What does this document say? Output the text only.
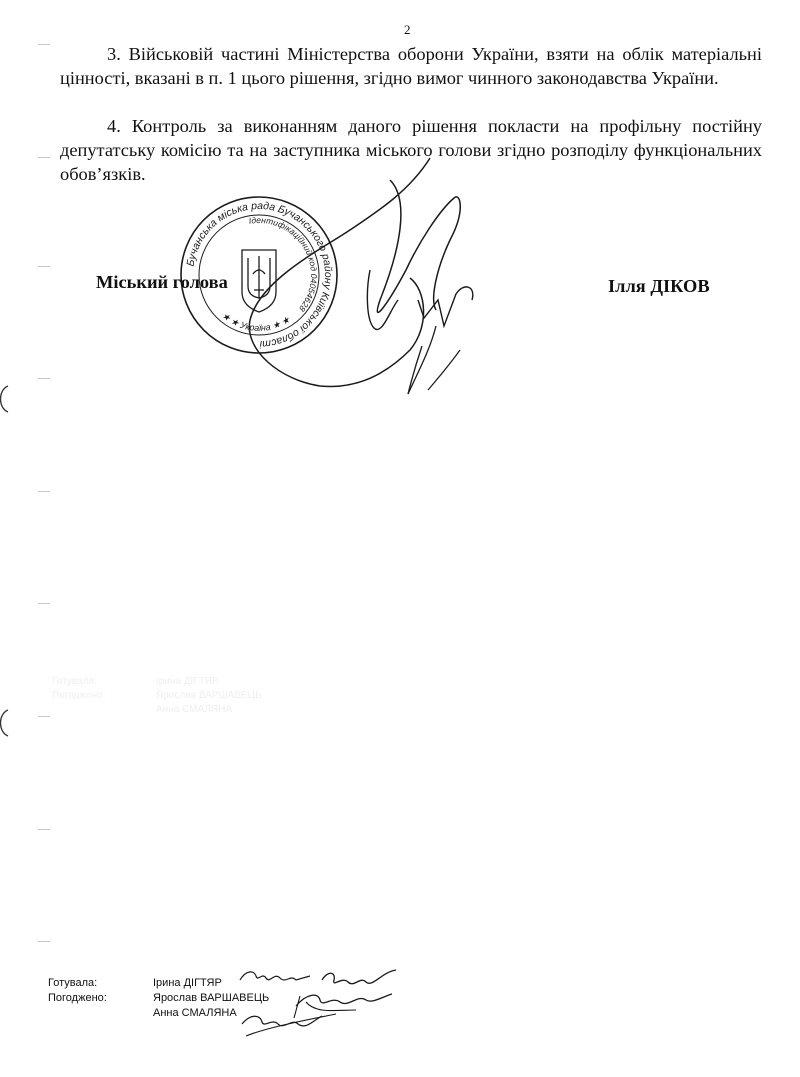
2

3. Військовій частині Міністерства оборони України, взяти на облік матеріальні цінності, вказані в п. 1 цього рішення, згідно вимог чинного законодавства України.

4. Контроль за виконанням даного рішення покласти на профільну постійну депутатську комісію та на заступника міського голови згідно розподілу функціональних обов’язків.

Готувала:	Ірина ДІГТЯР
Погоджено:	Ярослав ВАРШАВЕЦЬ
Анна СМАЛЯНА
Бучанська міська рада Бучанського району Київської області
Ідентифікаційний код 04054628
★ ★ Україна ★ ★
Міський голова	Ілля ДІКОВ
Готувала:	Ірина ДІГТЯР
Погоджено:	Ярослав ВАРШАВЕЦЬ
Анна СМАЛЯНА
